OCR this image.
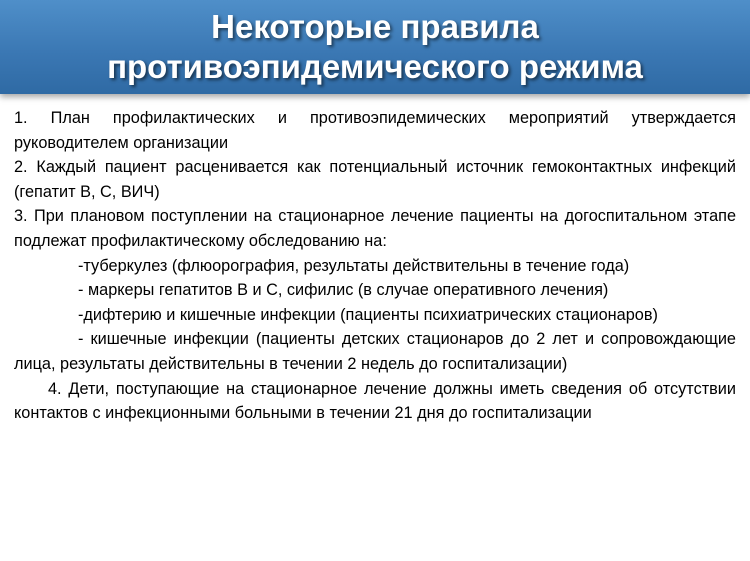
Некоторые правила
противоэпидемического режима

1. План профилактических и противоэпидемических мероприятий утверждается руководителем организации

2. Каждый пациент расценивается как потенциальный источник гемоконтактных инфекций (гепатит В, С, ВИЧ)

3. При плановом поступлении на стационарное лечение пациенты на догоспитальном этапе подлежат профилактическому обследованию на:

-туберкулез (флюорография, результаты действительны в течение года)

- маркеры гепатитов В и С, сифилис (в случае оперативного лечения)

-дифтерию и кишечные инфекции (пациенты психиатрических стационаров)

- кишечные инфекции (пациенты детских стационаров до 2 лет и сопровождающие лица, результаты действительны в течении 2 недель до госпитализации)

4. Дети, поступающие на стационарное лечение должны иметь сведения об отсутствии контактов с инфекционными больными в течении 21 дня до госпитализации
